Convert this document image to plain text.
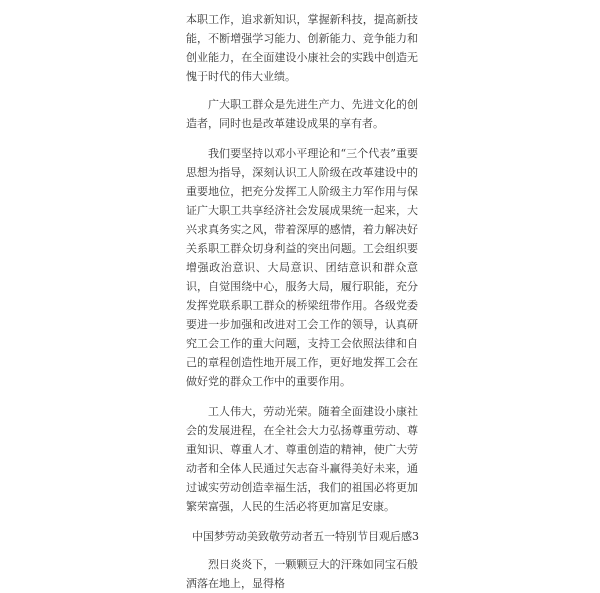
本职工作，追求新知识，掌握新科技，提高新技能，不断增强学习能力、创新能力、竞争能力和创业能力，在全面建设小康社会的实践中创造无愧于时代的伟大业绩。

广大职工群众是先进生产力、先进文化的创造者，同时也是改革建设成果的享有者。

我们要坚持以邓小平理论和“三个代表”重要思想为指导，深刻认识工人阶级在改革建设中的重要地位，把充分发挥工人阶级主力军作用与保证广大职工共享经济社会发展成果统一起来，大兴求真务实之风，带着深厚的感情，着力解决好关系职工群众切身利益的突出问题。工会组织要增强政治意识、大局意识、团结意识和群众意识，自觉围绕中心，服务大局，履行职能，充分发挥党联系职工群众的桥梁纽带作用。各级党委要进一步加强和改进对工会工作的领导，认真研究工会工作的重大问题，支持工会依照法律和自己的章程创造性地开展工作，更好地发挥工会在做好党的群众工作中的重要作用。

工人伟大，劳动光荣。随着全面建设小康社会的发展进程，在全社会大力弘扬尊重劳动、尊重知识、尊重人才、尊重创造的精神，使广大劳动者和全体人民通过矢志奋斗赢得美好未来，通过诚实劳动创造幸福生活，我们的祖国必将更加繁荣富强，人民的生活必将更加富足安康。

中国梦劳动美致敬劳动者五一特别节目观后感3

烈日炎炎下，一颗颗豆大的汗珠如同宝石般洒落在地上，显得格
